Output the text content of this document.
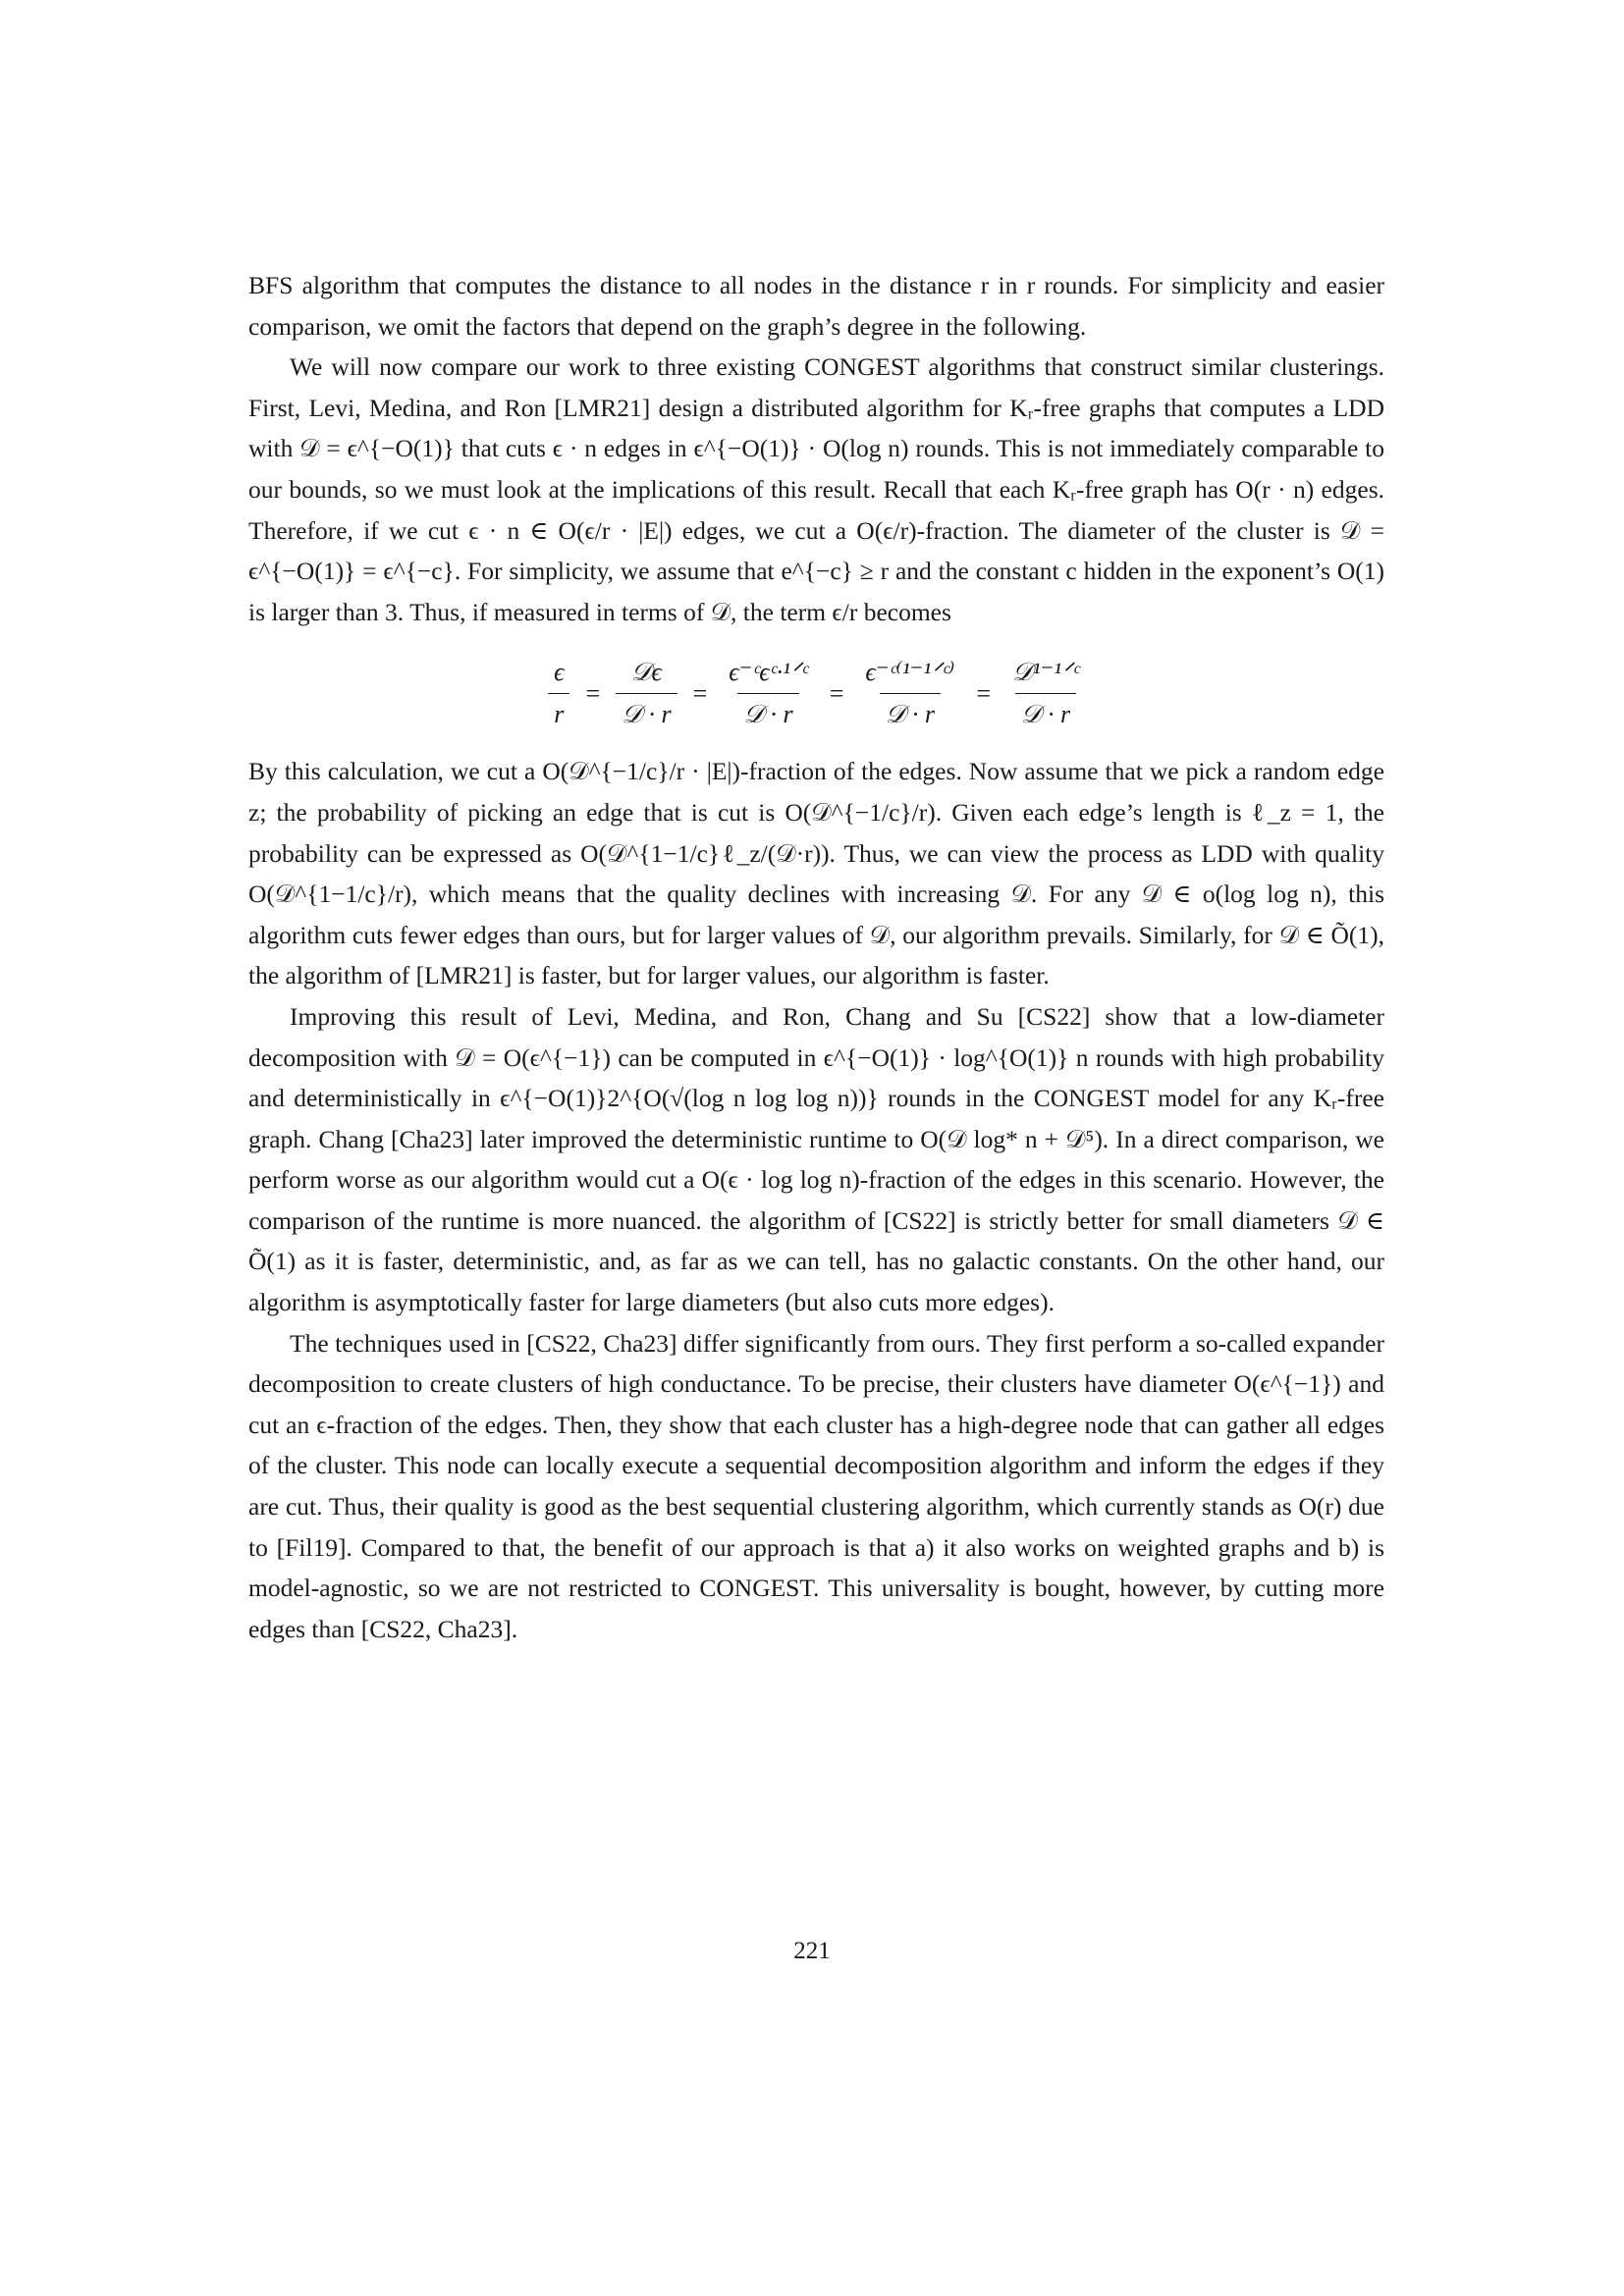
BFS algorithm that computes the distance to all nodes in the distance r in r rounds. For simplicity and easier comparison, we omit the factors that depend on the graph’s degree in the following.

We will now compare our work to three existing CONGEST algorithms that construct similar clusterings. First, Levi, Medina, and Ron [LMR21] design a distributed algorithm for Kᵣ-free graphs that computes a LDD with 𝒟 = ϵ^{−O(1)} that cuts ϵ · n edges in ϵ^{−O(1)} · O(log n) rounds. This is not immediately comparable to our bounds, so we must look at the implications of this result. Recall that each Kᵣ-free graph has O(r · n) edges. Therefore, if we cut ϵ · n ∈ O(ϵ/r · |E|) edges, we cut a O(ϵ/r)-fraction. The diameter of the cluster is 𝒟 = ϵ^{−O(1)} = ϵ^{−c}. For simplicity, we assume that e^{−c} ≥ r and the constant c hidden in the exponent’s O(1) is larger than 3. Thus, if measured in terms of 𝒟, the term ϵ/r becomes

$\frac{\epsilon}{r} = \frac{\text{𝒟ϵ}}{\text{𝒟 · r}} = \frac{\text{ϵ⁻ᶜϵᶜ·¹ᐟᶜ}}{\text{𝒟 · r}} = \frac{\text{ϵ⁻ᶜ⁽¹⁻¹ᐟᶜ⁾}}{\text{𝒟 · r}} = \frac{\text{𝒟¹⁻¹ᐟᶜ}}{\text{𝒟 · r}}$

By this calculation, we cut a O(𝒟^{−1/c}/r · |E|)-fraction of the edges. Now assume that we pick a random edge z; the probability of picking an edge that is cut is O(𝒟^{−1/c}/r). Given each edge’s length is ℓ_z = 1, the probability can be expressed as O(𝒟^{1−1/c}ℓ_z/(𝒟·r)). Thus, we can view the process as LDD with quality O(𝒟^{1−1/c}/r), which means that the quality declines with increasing 𝒟. For any 𝒟 ∈ o(log log n), this algorithm cuts fewer edges than ours, but for larger values of 𝒟, our algorithm prevails. Similarly, for 𝒟 ∈ Õ(1), the algorithm of [LMR21] is faster, but for larger values, our algorithm is faster.

Improving this result of Levi, Medina, and Ron, Chang and Su [CS22] show that a low-diameter decomposition with 𝒟 = O(ϵ^{−1}) can be computed in ϵ^{−O(1)} · log^{O(1)} n rounds with high probability and deterministically in ϵ^{−O(1)}2^{O(√(log n log log n))} rounds in the CONGEST model for any Kᵣ-free graph. Chang [Cha23] later improved the deterministic runtime to O(𝒟 log* n + 𝒟⁵). In a direct comparison, we perform worse as our algorithm would cut a O(ϵ · log log n)-fraction of the edges in this scenario. However, the comparison of the runtime is more nuanced. the algorithm of [CS22] is strictly better for small diameters 𝒟 ∈ Õ(1) as it is faster, deterministic, and, as far as we can tell, has no galactic constants. On the other hand, our algorithm is asymptotically faster for large diameters (but also cuts more edges).

The techniques used in [CS22, Cha23] differ significantly from ours. They first perform a so-called expander decomposition to create clusters of high conductance. To be precise, their clusters have diameter O(ϵ^{−1}) and cut an ϵ-fraction of the edges. Then, they show that each cluster has a high-degree node that can gather all edges of the cluster. This node can locally execute a sequential decomposition algorithm and inform the edges if they are cut. Thus, their quality is good as the best sequential clustering algorithm, which currently stands as O(r) due to [Fil19]. Compared to that, the benefit of our approach is that a) it also works on weighted graphs and b) is model-agnostic, so we are not restricted to CONGEST. This universality is bought, however, by cutting more edges than [CS22, Cha23].

221
